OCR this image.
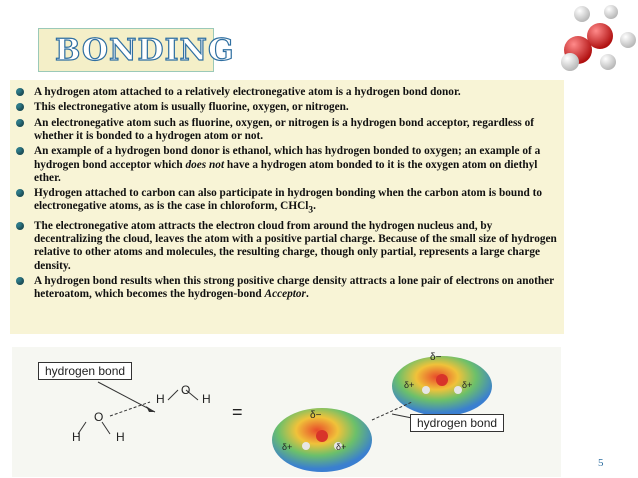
BONDING
A hydrogen atom attached to a relatively electronegative atom is a hydrogen bond donor.
This electronegative atom is usually fluorine, oxygen, or nitrogen.
An electronegative atom such as fluorine, oxygen, or nitrogen is a hydrogen bond acceptor, regardless of whether it is bonded to a hydrogen atom or not.
An example of a hydrogen bond donor is ethanol, which has hydrogen bonded to oxygen; an example of a hydrogen bond acceptor which does not have a hydrogen atom bonded to it is the oxygen atom on diethyl ether.
Hydrogen attached to carbon can also participate in hydrogen bonding when the carbon atom is bound to electronegative atoms, as is the case in chloroform, CHCl$_3$.
The electronegative atom attracts the electron cloud from around the hydrogen nucleus and, by decentralizing the cloud, leaves the atom with a positive partial charge. Because of the small size of hydrogen relative to other atoms and molecules, the resulting charge, though only partial, represents a large charge density.
A hydrogen bond results when this strong positive charge density attracts a lone pair of electrons on another heteroatom, which becomes the hydrogen-bond Acceptor.
hydrogen bond
H
O
H
O
H	H
=
δ−
δ+	δ+
δ−
δ+	δ+
hydrogen bond
5
